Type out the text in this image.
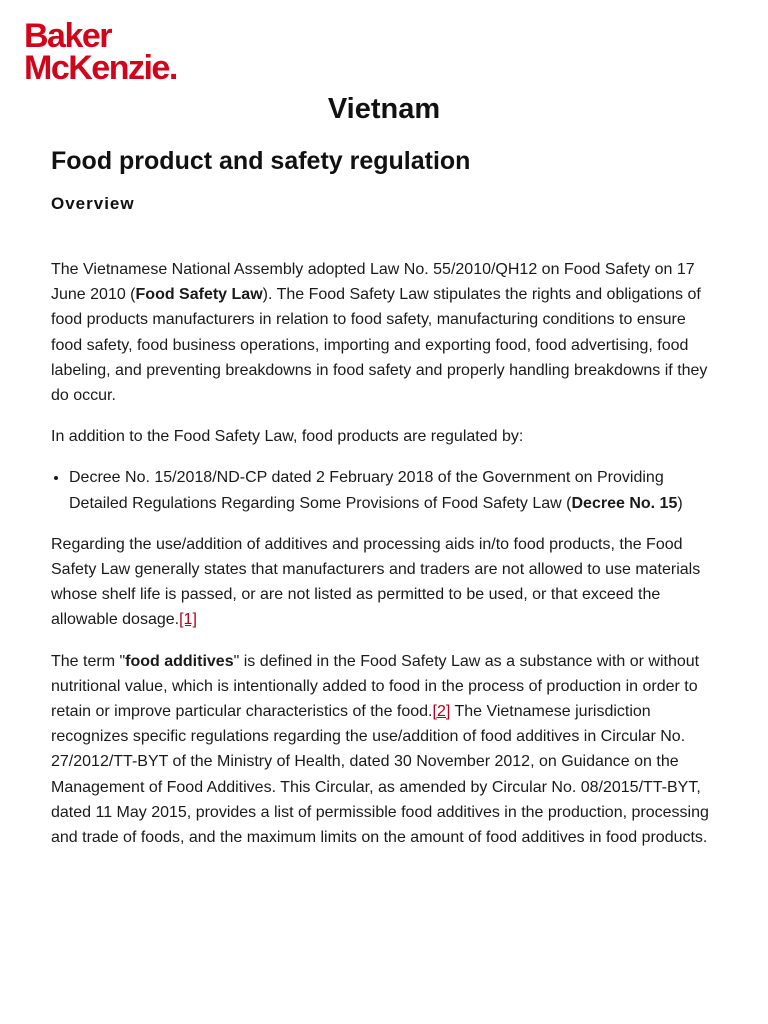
Baker
McKenzie.
Vietnam
Food product and safety regulation
Overview

The Vietnamese National Assembly adopted Law No. 55/2010/QH12 on Food Safety on 17 June 2010 (Food Safety Law). The Food Safety Law stipulates the rights and obligations of food products manufacturers in relation to food safety, manufacturing conditions to ensure food safety, food business operations, importing and exporting food, food advertising, food labeling, and preventing breakdowns in food safety and properly handling breakdowns if they do occur.

In addition to the Food Safety Law, food products are regulated by:

• Decree No. 15/2018/ND-CP dated 2 February 2018 of the Government on Providing Detailed Regulations Regarding Some Provisions of Food Safety Law (Decree No. 15)

Regarding the use/addition of additives and processing aids in/to food products, the Food Safety Law generally states that manufacturers and traders are not allowed to use materials whose shelf life is passed, or are not listed as permitted to be used, or that exceed the allowable dosage.[1]

The term "food additives" is defined in the Food Safety Law as a substance with or without nutritional value, which is intentionally added to food in the process of production in order to retain or improve particular characteristics of the food.[2] The Vietnamese jurisdiction recognizes specific regulations regarding the use/addition of food additives in Circular No. 27/2012/TT-BYT of the Ministry of Health, dated 30 November 2012, on Guidance on the Management of Food Additives. This Circular, as amended by Circular No. 08/2015/TT-BYT, dated 11 May 2015, provides a list of permissible food additives in the production, processing and trade of foods, and the maximum limits on the amount of food additives in food products.
